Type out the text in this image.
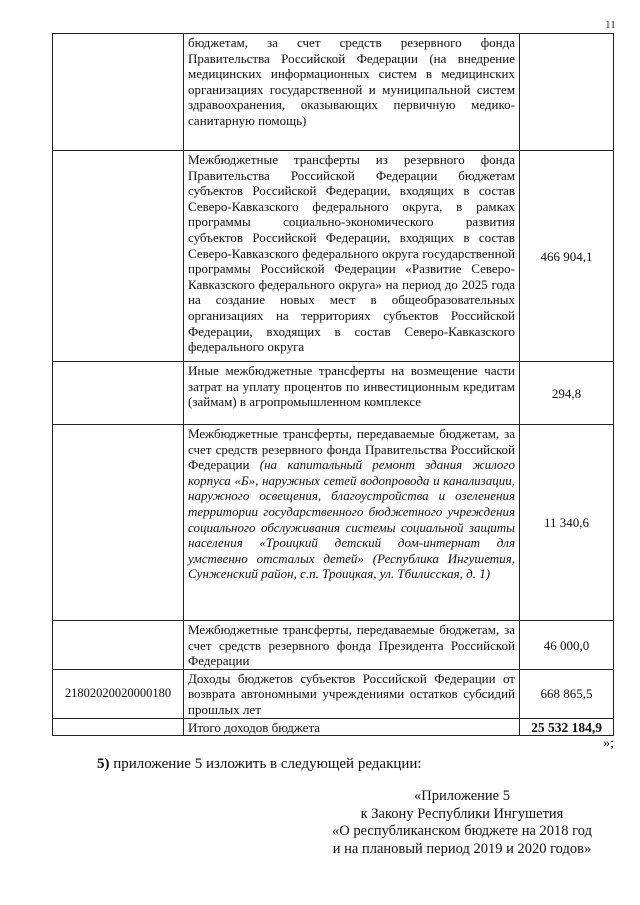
11
	бюджетам, за счет средств резервного фонда Правительства Российской Федерации (на внедрение медицинских информационных систем в медицинских организациях государственной и муниципальной систем здравоохранения, оказывающих первичную медико-санитарную помощь)	
	Межбюджетные трансферты из резервного фонда Правительства Российской Федерации бюджетам субъектов Российской Федерации, входящих в состав Северо-Кавказского федерального округа, в рамках программы социально-экономического развития субъектов Российской Федерации, входящих в состав Северо-Кавказского федерального округа государственной программы Российской Федерации «Развитие Северо-Кавказского федерального округа» на период до 2025 года на создание новых мест в общеобразовательных организациях на территориях субъектов Российской Федерации, входящих в состав Северо-Кавказского федерального округа	466 904,1
	Иные межбюджетные трансферты на возмещение части затрат на уплату процентов по инвестиционным кредитам (займам) в агропромышленном комплексе	294,8
	Межбюджетные трансферты, передаваемые бюджетам, за счет средств резервного фонда Правительства Российской Федерации (на капитальный ремонт здания жилого корпуса «Б», наружных сетей водопровода и канализации, наружного освещения, благоустройства и озеленения территории государственного бюджетного учреждения социального обслуживания системы социальной защиты населения «Троицкий детский дом-интернат для умственно отсталых детей» (Республика Ингушетия, Сунженский район, с.п. Троицкая, ул. Тбилисская, д. 1)	11 340,6
	Межбюджетные трансферты, передаваемые бюджетам, за счет средств резервного фонда Президента Российской Федерации	46 000,0
21802020020000180	Доходы бюджетов субъектов Российской Федерации от возврата автономными учреждениями остатков субсидий прошлых лет	668 865,5
	Итого доходов бюджета	25 532 184,9
»;
5) приложение 5 изложить в следующей редакции:
«Приложение 5
к Закону Республики Ингушетия
«О республиканском бюджете на 2018 год
и на плановый период 2019 и 2020 годов»
